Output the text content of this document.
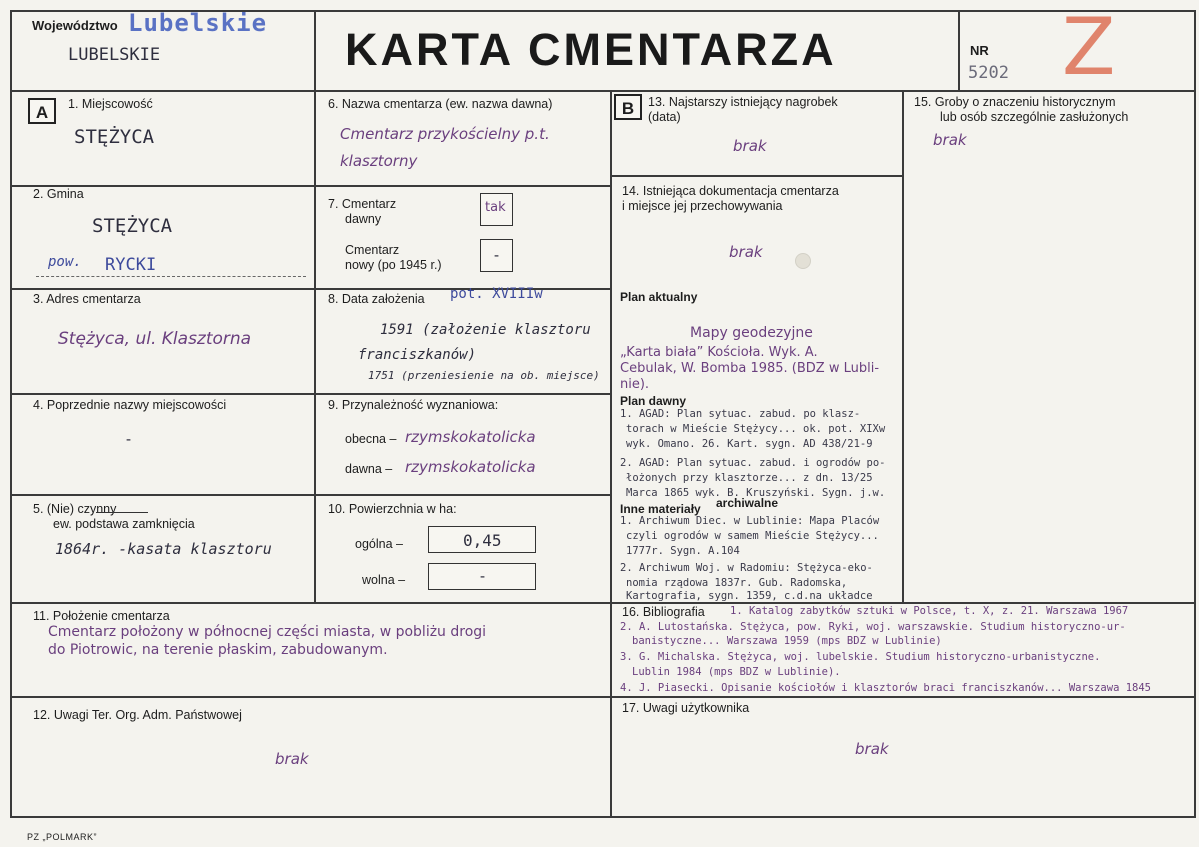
Województwo Lubelskie
LUBELSKIE	KARTA CMENTARZA	NR
5202 Z
A	B
1. Miejscowość
STĘŻYCA
2. Gmina
STĘŻYCA
pow. RYCKI
3. Adres cmentarza
Stężyca, ul. Klasztorna
4. Poprzednie nazwy miejscowości
-
5. (Nie) czynny
ew. podstawa zamknięcia
1864r. -kasata klasztoru
6. Nazwa cmentarza (ew. nazwa dawna)
Cmentarz przykościelny p.t.
klasztorny
7. Cmentarz
dawny
tak
Cmentarz
nowy (po 1945 r.)
-
8. Data założenia pot. XVIIIw
1591 (założenie klasztoru
franciszkanów)
1751 (przeniesienie na ob. miejsce)
9. Przynależność wyznaniowa:
obecna – rzymskokatolicka
dawna – rzymskokatolicka
10. Powierzchnia w ha:
ogólna –	0,45
wolna –	-
13. Najstarszy istniejący nagrobek
(data)
brak
14. Istniejąca dokumentacja cmentarza
i miejsce jej przechowywania
brak
Plan aktualny
Mapy geodezyjne
„Karta biała” Kościoła. Wyk. A.
Cebulak, W. Bomba 1985. (BDZ w Lubli-
nie).
Plan dawny
1. AGAD: Plan sytuac. zabud. po klasz-
torach w Mieście Stężycy... ok. pot. XIXw
wyk. Omano. 26. Kart. sygn. AD 438/21-9
2. AGAD: Plan sytuac. zabud. i ogrodów po-
łożonych przy klasztorze... z dn. 13/25
Marca 1865 wyk. B. Kruszyński. Sygn. j.w.
Inne materiały archiwalne
1. Archiwum Diec. w Lublinie: Mapa Placów
czyli ogrodów w samem Mieście Stężycy...
1777r. Sygn. A.104
2. Archiwum Woj. w Radomiu: Stężyca-eko-
nomia rządowa 1837r. Gub. Radomska,
Kartografia, sygn. 1359, c.d.na układce
15. Groby o znaczeniu historycznym
lub osób szczególnie zasłużonych
brak
11. Położenie cmentarza
Cmentarz położony w północnej części miasta, w pobliżu drogi
do Piotrowic, na terenie płaskim, zabudowanym.
16. Bibliografia 1. Katalog zabytków sztuki w Polsce, t. X, z. 21. Warszawa 1967
2. A. Lutostańska. Stężyca, pow. Ryki, woj. warszawskie. Studium historyczno-ur-
banistyczne... Warszawa 1959 (mps BDZ w Lublinie)
3. G. Michalska. Stężyca, woj. lubelskie. Studium historyczno-urbanistyczne.
Lublin 1984 (mps BDZ w Lublinie).
4. J. Piasecki. Opisanie kościołów i klasztorów braci franciszkanów... Warszawa 1845
12. Uwagi Ter. Org. Adm. Państwowej
brak
17. Uwagi użytkownika
brak
PZ „POLMARK”
